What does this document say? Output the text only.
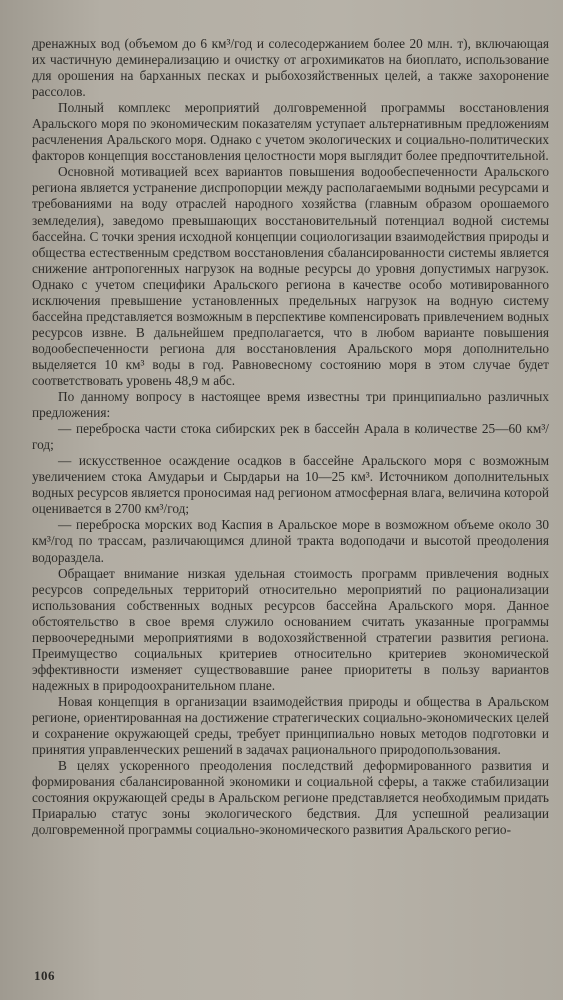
дренажных вод (объемом до 6 км³/год и солесодержанием более 20 млн. т), включающая их частичную деминерализацию и очистку от агрохимикатов на биоплато, использование для орошения на барханных песках и рыбохозяйственных целей, а также захоронение рассолов.

Полный комплекс мероприятий долговременной программы восстановления Аральского моря по экономическим показателям уступает альтернативным предложениям расчленения Аральского моря. Однако с учетом экологических и социально-политических факторов концепция восстановления целостности моря выглядит более предпочтительной.

Основной мотивацией всех вариантов повышения водообеспеченности Аральского региона является устранение диспропорции между располагаемыми водными ресурсами и требованиями на воду отраслей народного хозяйства (главным образом орошаемого земледелия), заведомо превышающих восстановительный потенциал водной системы бассейна. С точки зрения исходной концепции социологизации взаимодействия природы и общества естественным средством восстановления сбалансированности системы является снижение антропогенных нагрузок на водные ресурсы до уровня допустимых нагрузок. Однако с учетом специфики Аральского региона в качестве особо мотивированного исключения превышение установленных предельных нагрузок на водную систему бассейна представляется возможным в перспективе компенсировать привлечением водных ресурсов извне. В дальнейшем предполагается, что в любом варианте повышения водообеспеченности региона для восстановления Аральского моря дополнительно выделяется 10 км³ воды в год. Равновесному состоянию моря в этом случае будет соответствовать уровень 48,9 м абс.

По данному вопросу в настоящее время известны три принципиально различных предложения:

— переброска части стока сибирских рек в бассейн Арала в количестве 25—60 км³/год;

— искусственное осаждение осадков в бассейне Аральского моря с возможным увеличением стока Амударьи и Сырдарьи на 10—25 км³. Источником дополнительных водных ресурсов является проносимая над регионом атмосферная влага, величина которой оценивается в 2700 км³/год;

— переброска морских вод Каспия в Аральское море в возможном объеме около 30 км³/год по трассам, различающимся длиной тракта водоподачи и высотой преодоления водораздела.

Обращает внимание низкая удельная стоимость программ привлечения водных ресурсов сопредельных территорий относительно мероприятий по рационализации использования собственных водных ресурсов бассейна Аральского моря. Данное обстоятельство в свое время служило основанием считать указанные программы первоочередными мероприятиями в водохозяйственной стратегии развития региона. Преимущество социальных критериев относительно критериев экономической эффективности изменяет существовавшие ранее приоритеты в пользу вариантов надежных в природоохранительном плане.

Новая концепция в организации взаимодействия природы и общества в Аральском регионе, ориентированная на достижение стратегических социально-экономических целей и сохранение окружающей среды, требует принципиально новых методов подготовки и принятия управленческих решений в задачах рационального природопользования.

В целях ускоренного преодоления последствий деформированного развития и формирования сбалансированной экономики и социальной сферы, а также стабилизации состояния окружающей среды в Аральском регионе представляется необходимым придать Приаралью статус зоны экологического бедствия. Для успешной реализации долговременной программы социально-экономического развития Аральского регио-

106
